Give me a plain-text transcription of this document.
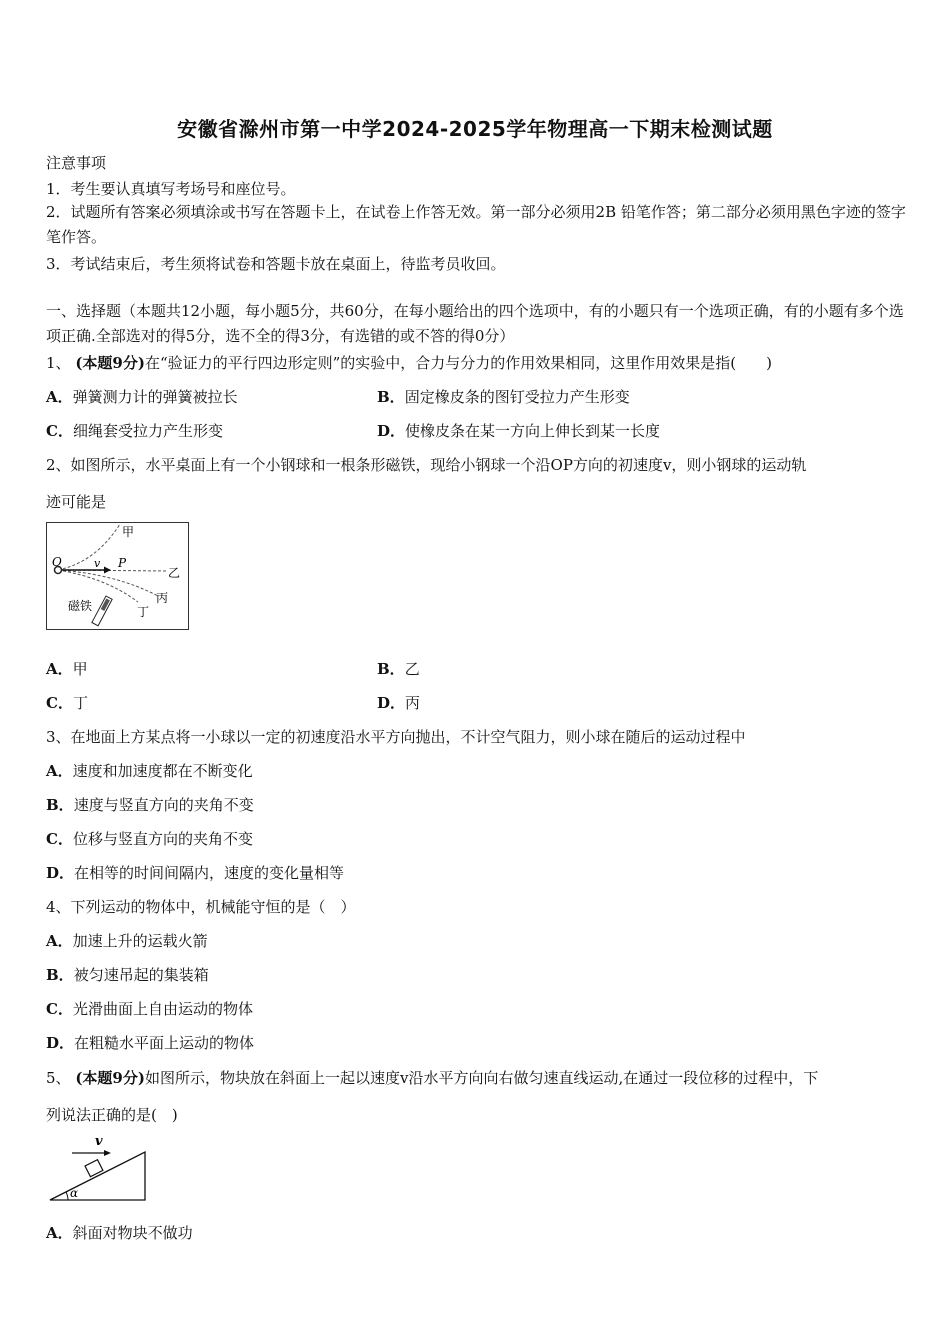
安徽省滁州市第一中学2024-2025学年物理高一下期末检测试题
注意事项
1．考生要认真填写考场号和座位号。
2．试题所有答案必须填涂或书写在答题卡上，在试卷上作答无效。第一部分必须用2B 铅笔作答；第二部分必须用黑色字迹的签字笔作答。
3．考试结束后，考生须将试卷和答题卡放在桌面上，待监考员收回。
一、选择题（本题共12小题，每小题5分，共60分，在每小题给出的四个选项中，有的小题只有一个选项正确，有的小题有多个选项正确.全部选对的得5分，选不全的得3分，有选错的或不答的得0分）
1、 (本题9分)在“验证力的平行四边形定则”的实验中，合力与分力的作用效果相同，这里作用效果是指(　　)
A．弹簧测力计的弹簧被拉长	B．固定橡皮条的图钉受拉力产生形变
C．细绳套受拉力产生形变	D．使橡皮条在某一方向上伸长到某一长度
2、如图所示，水平桌面上有一个小钢球和一根条形磁铁，现给小钢球一个沿OP方向的初速度v，则小钢球的运动轨
迹可能是
O	v P
甲
乙
丙
丁
磁铁
A．甲	B．乙
C．丁	D．丙
3、在地面上方某点将一小球以一定的初速度沿水平方向抛出，不计空气阻力，则小球在随后的运动过程中
A．速度和加速度都在不断变化
B．速度与竖直方向的夹角不变
C．位移与竖直方向的夹角不变
D．在相等的时间间隔内，速度的变化量相等
4、下列运动的物体中，机械能守恒的是（　）
A．加速上升的运载火箭
B．被匀速吊起的集装箱
C．光滑曲面上自由运动的物体
D．在粗糙水平面上运动的物体
5、 (本题9分)如图所示，物块放在斜面上一起以速度v沿水平方向向右做匀速直线运动,在通过一段位移的过程中，下
列说法正确的是(　)
v
α
A．斜面对物块不做功
